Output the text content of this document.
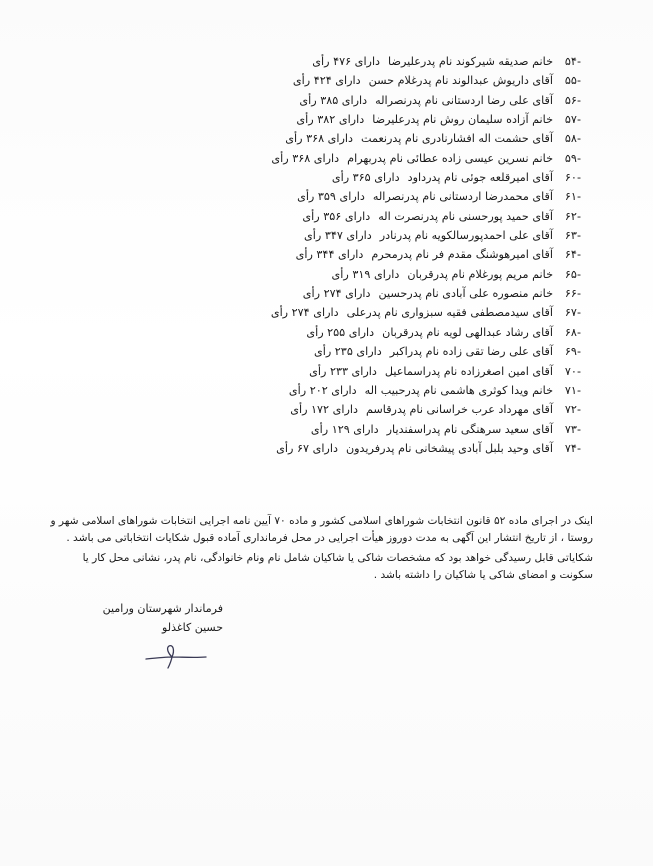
-۵۴
خانم صدیقه شیرکوند نام پدرعلیرضا
دارای ۴۷۶ رأی
-۵۵
آقای داریوش عبدالوند نام پدرغلام حسن
دارای ۴۲۴ رأی
-۵۶
آقای علی رضا اردستانی نام پدرنصراله
دارای ۳۸۵ رأی
-۵۷
خانم آزاده سلیمان روش نام پدرعلیرضا
دارای ۳۸۲ رأی
-۵۸
آقای حشمت اله افشارنادری نام پدرنعمت
دارای ۳۶۸ رأی
-۵۹
خانم نسرین عیسی زاده عطائی نام پدربهرام
دارای ۳۶۸ رأی
-۶۰
آقای امیرقلعه جوئی نام پدرداود
دارای ۳۶۵ رأی
-۶۱
آقای محمدرضا اردستانی نام پدرنصراله
دارای ۳۵۹ رأی
-۶۲
آقای حمید پورحسنی نام پدرنصرت اله
دارای ۳۵۶ رأی
-۶۳
آقای علی احمدپورسالکویه نام پدرنادر
دارای ۳۴۷ رأی
-۶۴
آقای امیرهوشنگ مقدم فر نام پدرمحرم
دارای ۳۴۴ رأی
-۶۵
خانم مریم پورغلام نام پدرقربان
دارای ۳۱۹ رأی
-۶۶
خانم منصوره علی آبادی نام پدرحسین
دارای ۲۷۴ رأی
-۶۷
آقای سیدمصطفی فقیه سبزواری نام پدرعلی
دارای ۲۷۴ رأی
-۶۸
آقای رشاد عبدالهی لویه نام پدرقربان
دارای ۲۵۵ رأی
-۶۹
آقای علی رضا تقی زاده نام پدراکبر
دارای ۲۳۵ رأی
-۷۰
آقای امین اصغرزاده نام پدراسماعیل
دارای ۲۳۳ رأی
-۷۱
خانم ویدا کوثری هاشمی نام پدرحبیب اله
دارای ۲۰۲ رأی
-۷۲
آقای مهرداد عرب خراسانی نام پدرقاسم
دارای ۱۷۲ رأی
-۷۳
آقای سعید سرهنگی نام پدراسفندیار
دارای ۱۲۹ رأی
-۷۴
آقای وحید بلبل آبادی پیشخانی نام پدرفریدون
دارای ۶۷ رأی

اینک در اجرای ماده ۵۲ قانون انتخابات شوراهای اسلامی کشور و ماده ۷۰ آیین نامه اجرایی انتخابات شوراهای اسلامی شهر و روستا ، از تاریخ انتشار این آگهی به مدت دوروز هیأت اجرایی در محل فرمانداری آماده قبول شکایات انتخاباتی می باشد .

شکایاتی قابل رسیدگی خواهد بود که مشخصات شاکی یا شاکیان شامل نام ونام خانوادگی، نام پدر، نشانی محل کار یا سکونت و امضای شاکی یا شاکیان را داشته باشد .

فرماندار شهرستان ورامین
حسین کاغذلو
